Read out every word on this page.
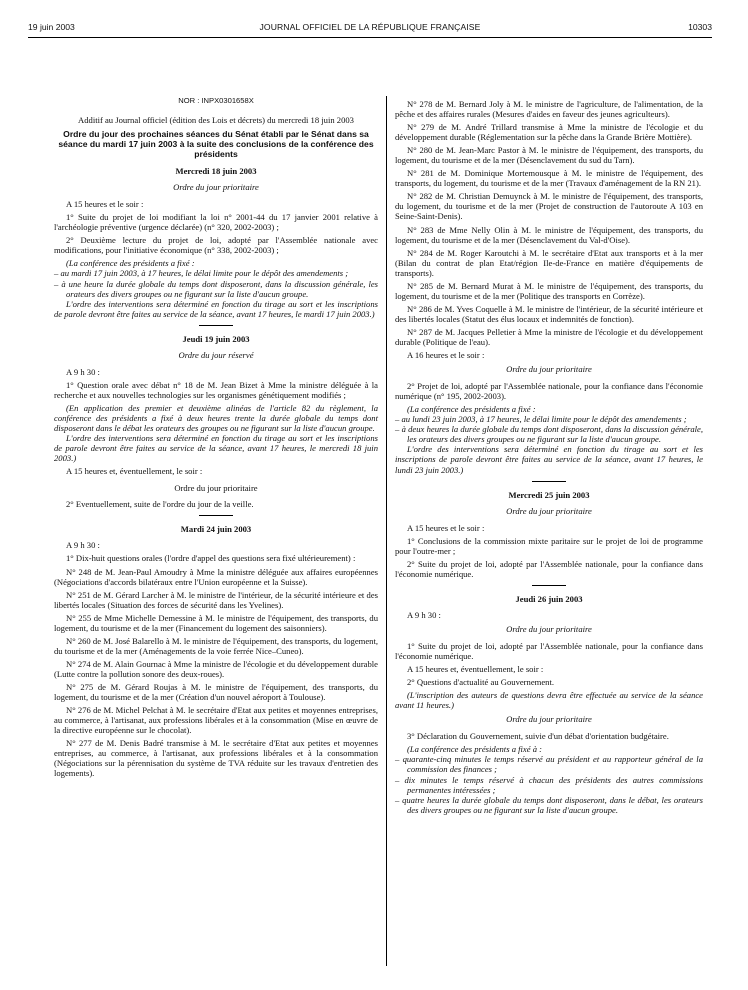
19 juin 2003	JOURNAL OFFICIEL DE LA RÉPUBLIQUE FRANÇAISE	10303

NOR : INPX0301658X

Additif au Journal officiel (édition des Lois et décrets) du mercredi 18 juin 2003

Ordre du jour des prochaines séances du Sénat établi par le Sénat dans sa séance du mardi 17 juin 2003 à la suite des conclusions de la conférence des présidents

Mercredi 18 juin 2003

Ordre du jour prioritaire

A 15 heures et le soir :

1° Suite du projet de loi modifiant la loi n° 2001-44 du 17 janvier 2001 relative à l'archéologie préventive (urgence déclarée) (n° 320, 2002-2003) ;

2° Deuxième lecture du projet de loi, adopté par l'Assemblée nationale avec modifications, pour l'initiative économique (n° 338, 2002-2003) ;

(La conférence des présidents a fixé :

– au mardi 17 juin 2003, à 17 heures, le délai limite pour le dépôt des amendements ;

– à une heure la durée globale du temps dont disposeront, dans la discussion générale, les orateurs des divers groupes ou ne figurant sur la liste d'aucun groupe.

L'ordre des interventions sera déterminé en fonction du tirage au sort et les inscriptions de parole devront être faites au service de la séance, avant 17 heures, le mardi 17 juin 2003.)

Jeudi 19 juin 2003

Ordre du jour réservé

A 9 h 30 :

1° Question orale avec débat n° 18 de M. Jean Bizet à Mme la ministre déléguée à la recherche et aux nouvelles technologies sur les organismes génétiquement modifiés ;

(En application des premier et deuxième alinéas de l'article 82 du règlement, la conférence des présidents a fixé à deux heures trente la durée globale du temps dont disposeront dans le débat les orateurs des groupes ou ne figurant sur la liste d'aucun groupe.

L'ordre des interventions sera déterminé en fonction du tirage au sort et les inscriptions de parole devront être faites au service de la séance, avant 17 heures, le mercredi 18 juin 2003.)

A 15 heures et, éventuellement, le soir :

Ordre du jour prioritaire

2° Eventuellement, suite de l'ordre du jour de la veille.

Mardi 24 juin 2003

A 9 h 30 :

1° Dix-huit questions orales (l'ordre d'appel des questions sera fixé ultérieurement) :

N° 248 de M. Jean-Paul Amoudry à Mme la ministre déléguée aux affaires européennes (Négociations d'accords bilatéraux entre l'Union européenne et la Suisse).

N° 251 de M. Gérard Larcher à M. le ministre de l'intérieur, de la sécurité intérieure et des libertés locales (Situation des forces de sécurité dans les Yvelines).

N° 255 de Mme Michelle Demessine à M. le ministre de l'équipement, des transports, du logement, du tourisme et de la mer (Financement du logement des saisonniers).

N° 260 de M. José Balarello à M. le ministre de l'équipement, des transports, du logement, du tourisme et de la mer (Aménagements de la voie ferrée Nice–Cuneo).

N° 274 de M. Alain Gournac à Mme la ministre de l'écologie et du développement durable (Lutte contre la pollution sonore des deux-roues).

N° 275 de M. Gérard Roujas à M. le ministre de l'équipement, des transports, du logement, du tourisme et de la mer (Création d'un nouvel aéroport à Toulouse).

N° 276 de M. Michel Pelchat à M. le secrétaire d'Etat aux petites et moyennes entreprises, au commerce, à l'artisanat, aux professions libérales et à la consommation (Mise en œuvre de la directive européenne sur le chocolat).

N° 277 de M. Denis Badré transmise à M. le secrétaire d'Etat aux petites et moyennes entreprises, au commerce, à l'artisanat, aux professions libérales et à la consommation (Négociations sur la pérennisation du système de TVA réduite sur les travaux d'entretien des logements).

N° 278 de M. Bernard Joly à M. le ministre de l'agriculture, de l'alimentation, de la pêche et des affaires rurales (Mesures d'aides en faveur des jeunes agriculteurs).

N° 279 de M. André Trillard transmise à Mme la ministre de l'écologie et du développement durable (Réglementation sur la pêche dans la Grande Brière Mottière).

N° 280 de M. Jean-Marc Pastor à M. le ministre de l'équipement, des transports, du logement, du tourisme et de la mer (Désenclavement du sud du Tarn).

N° 281 de M. Dominique Mortemousque à M. le ministre de l'équipement, des transports, du logement, du tourisme et de la mer (Travaux d'aménagement de la RN 21).

N° 282 de M. Christian Demuynck à M. le ministre de l'équipement, des transports, du logement, du tourisme et de la mer (Projet de construction de l'autoroute A 103 en Seine-Saint-Denis).

N° 283 de Mme Nelly Olin à M. le ministre de l'équipement, des transports, du logement, du tourisme et de la mer (Désenclavement du Val-d'Oise).

N° 284 de M. Roger Karoutchi à M. le secrétaire d'Etat aux transports et à la mer (Bilan du contrat de plan Etat/région Ile-de-France en matière d'équipements de transports).

N° 285 de M. Bernard Murat à M. le ministre de l'équipement, des transports, du logement, du tourisme et de la mer (Politique des transports en Corrèze).

N° 286 de M. Yves Coquelle à M. le ministre de l'intérieur, de la sécurité intérieure et des libertés locales (Statut des élus locaux et indemnités de fonction).

N° 287 de M. Jacques Pelletier à Mme la ministre de l'écologie et du développement durable (Politique de l'eau).

A 16 heures et le soir :

Ordre du jour prioritaire

2° Projet de loi, adopté par l'Assemblée nationale, pour la confiance dans l'économie numérique (n° 195, 2002-2003).

(La conférence des présidents a fixé :

– au lundi 23 juin 2003, à 17 heures, le délai limite pour le dépôt des amendements ;

– à deux heures la durée globale du temps dont disposeront, dans la discussion générale, les orateurs des divers groupes ou ne figurant sur la liste d'aucun groupe.

L'ordre des interventions sera déterminé en fonction du tirage au sort et les inscriptions de parole devront être faites au service de la séance, avant 17 heures, le lundi 23 juin 2003.)

Mercredi 25 juin 2003

Ordre du jour prioritaire

A 15 heures et le soir :

1° Conclusions de la commission mixte paritaire sur le projet de loi de programme pour l'outre-mer ;

2° Suite du projet de loi, adopté par l'Assemblée nationale, pour la confiance dans l'économie numérique.

Jeudi 26 juin 2003

A 9 h 30 :

Ordre du jour prioritaire

1° Suite du projet de loi, adopté par l'Assemblée nationale, pour la confiance dans l'économie numérique.

A 15 heures et, éventuellement, le soir :

2° Questions d'actualité au Gouvernement.

(L'inscription des auteurs de questions devra être effectuée au service de la séance avant 11 heures.)

Ordre du jour prioritaire

3° Déclaration du Gouvernement, suivie d'un débat d'orientation budgétaire.

(La conférence des présidents a fixé à :

– quarante-cinq minutes le temps réservé au président et au rapporteur général de la commission des finances ;

– dix minutes le temps réservé à chacun des présidents des autres commissions permanentes intéressées ;

– quatre heures la durée globale du temps dont disposeront, dans le débat, les orateurs des divers groupes ou ne figurant sur la liste d'aucun groupe.
